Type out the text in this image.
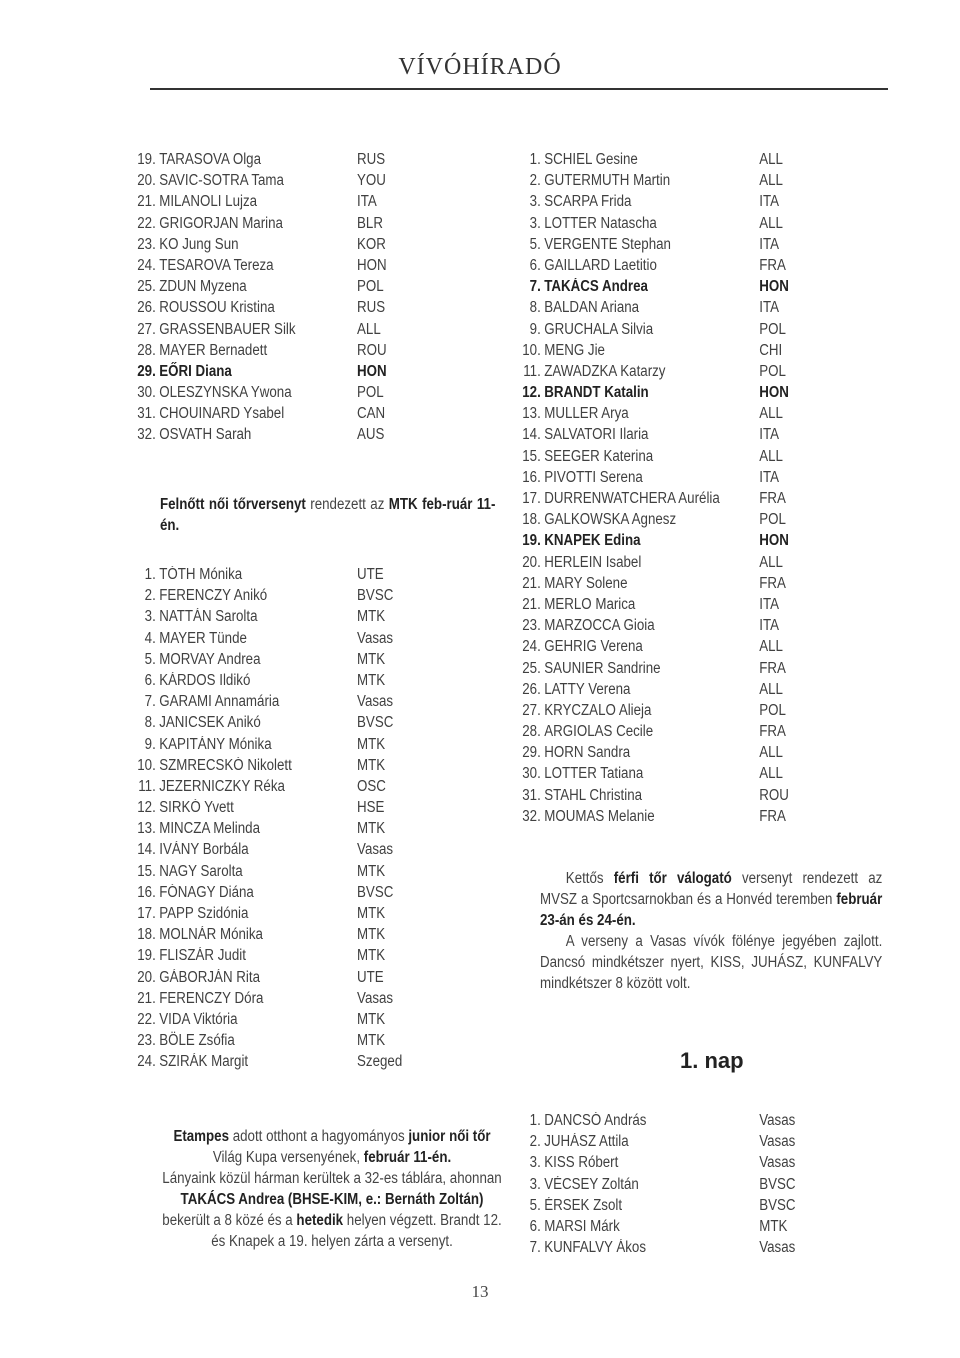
VÍVÓHÍRADÓ
19. TARASOVA Olga	RUS
20. SAVIC-SOTRA Tama	YOU
21. MILANOLI Lujza	ITA
22. GRIGORJAN Marina	BLR
23. KO Jung Sun	KOR
24. TESAROVA Tereza	HON
25. ZDUN Myzena	POL
26. ROUSSOU Kristina	RUS
27. GRASSENBAUER Silk	ALL
28. MAYER Bernadett	ROU
29. EŐRI Diana	HON
30. OLESZYNSKA Ywona	POL
31. CHOUINARD Ysabel	CAN
32. OSVATH Sarah	AUS
Felnőtt női tőrversenyt rendezett az MTK feb-ruár 11-én.
1. TÓTH Mónika	UTE
2. FERENCZY Anikó	BVSC
3. NATTÁN Sarolta	MTK
4. MAYER Tünde	Vasas
5. MORVAY Andrea	MTK
6. KÁRDOS Ildikó	MTK
7. GARAMI Annamária	Vasas
8. JANICSEK Anikó	BVSC
9. KAPITÁNY Mónika	MTK
10. SZMRECSKÓ Nikolett	MTK
11. JEZERNICZKY Réka	OSC
12. SIRKÓ Yvett	HSE
13. MINCZA Melinda	MTK
14. IVÁNY Borbála	Vasas
15. NAGY Sarolta	MTK
16. FÓNAGY Diána	BVSC
17. PAPP Szidónia	MTK
18. MOLNÁR Mónika	MTK
19. FLISZÁR Judit	MTK
20. GÁBORJÁN Rita	UTE
21. FERENCZY Dóra	Vasas
22. VIDA Viktória	MTK
23. BÖLE Zsófia	MTK
24. SZIRÁK Margit	Szeged
Etampes adott otthont a hagyományos junior női tőr Világ Kupa versenyének, február 11-én.
Lányaink közül hárman kerültek a 32-es táblára, ahonnan TAKÁCS Andrea (BHSE-KIM, e.: Bernáth Zoltán) bekerült a 8 közé és a hetedik helyen végzett. Brandt 12. és Knapek a 19. helyen zárta a versenyt.
1. SCHIEL Gesine	ALL
2. GUTERMUTH Martin	ALL
3. SCARPA Frida	ITA
3. LOTTER Natascha	ALL
5. VERGENTE Stephan	ITA
6. GAILLARD Laetitio	FRA
7. TAKÁCS Andrea	HON
8. BALDAN Ariana	ITA
9. GRUCHALA Silvia	POL
10. MENG Jie	CHI
11. ZAWADZKA Katarzy	POL
12. BRANDT Katalin	HON
13. MULLER Arya	ALL
14. SALVATORI Ilaria	ITA
15. SEEGER Katerina	ALL
16. PIVOTTI Serena	ITA
17. DURRENWATCHERA Aurélia	FRA
18. GALKOWSKA Agnesz	POL
19. KNAPEK Edina	HON
20. HERLEIN Isabel	ALL
21. MARY Solene	FRA
21. MERLO Marica	ITA
23. MARZOCCA Gioia	ITA
24. GEHRIG Verena	ALL
25. SAUNIER Sandrine	FRA
26. LATTY Verena	ALL
27. KRYCZALO Alieja	POL
28. ARGIOLAS Cecile	FRA
29. HORN Sandra	ALL
30. LOTTER Tatiana	ALL
31. STAHL Christina	ROU
32. MOUMAS Melanie	FRA
Kettős férfi tőr válogató versenyt rendezett az MVSZ a Sportcsarnokban és a Honvéd teremben február 23-án és 24-én.
A verseny a Vasas vívók fölénye jegyében zajlott. Dancsó mindkétszer nyert, KISS, JUHÁSZ, KUNFALVY mindkétszer 8 között volt.
1. nap
1. DANCSÓ András	Vasas
2. JUHÁSZ Attila	Vasas
3. KISS Róbert	Vasas
3. VÉCSEY Zoltán	BVSC
5. ÉRSEK Zsolt	BVSC
6. MARSI Márk	MTK
7. KUNFALVY Ákos	Vasas
13
